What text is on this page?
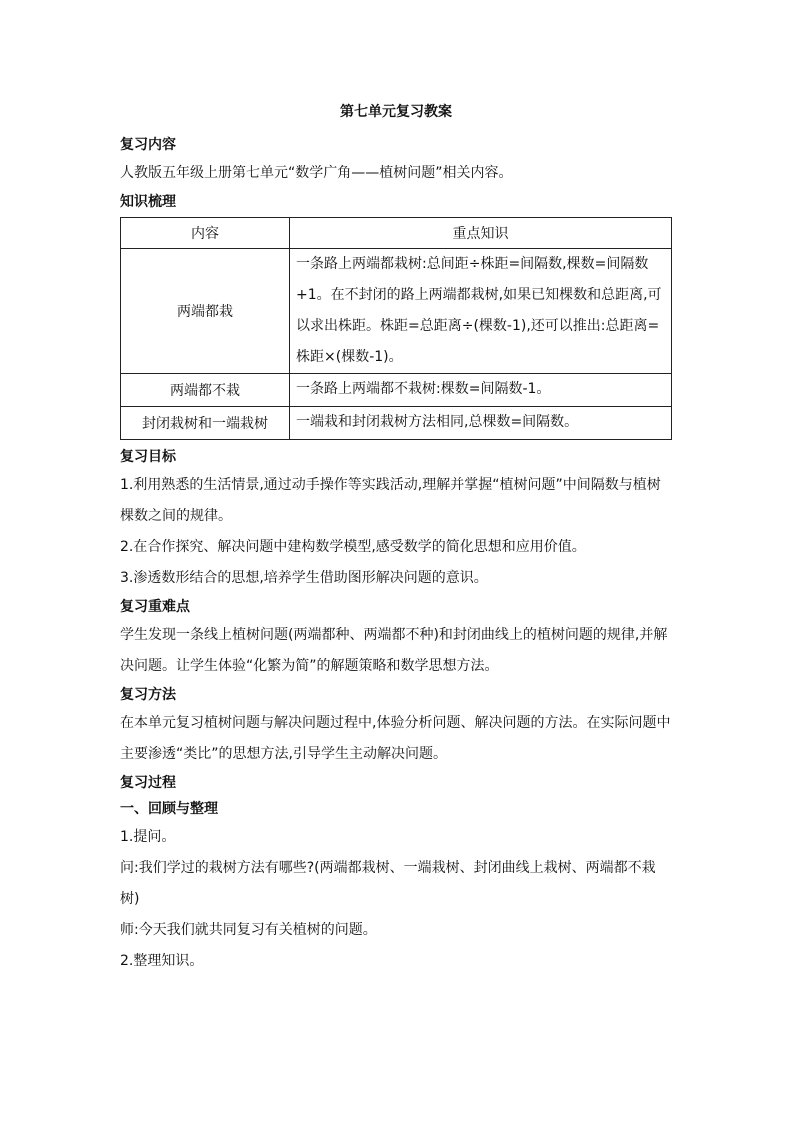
第七单元复习教案
复习内容
人教版五年级上册第七单元“数学广角——植树问题”相关内容。
知识梳理
内容	重点知识
两端都栽	一条路上两端都栽树:总间距÷株距=间隔数,棵数=间隔数+1。在不封闭的路上两端都栽树,如果已知棵数和总距离,可以求出株距。株距=总距离÷(棵数-1),还可以推出:总距离=株距×(棵数-1)。
两端都不栽	一条路上两端都不栽树:棵数=间隔数-1。
封闭栽树和一端栽树	一端栽和封闭栽树方法相同,总棵数=间隔数。
复习目标
1.利用熟悉的生活情景,通过动手操作等实践活动,理解并掌握“植树问题”中间隔数与植树棵数之间的规律。
2.在合作探究、解决问题中建构数学模型,感受数学的简化思想和应用价值。
3.渗透数形结合的思想,培养学生借助图形解决问题的意识。
复习重难点
学生发现一条线上植树问题(两端都种、两端都不种)和封闭曲线上的植树问题的规律,并解决问题。让学生体验“化繁为简”的解题策略和数学思想方法。
复习方法
在本单元复习植树问题与解决问题过程中,体验分析问题、解决问题的方法。在实际问题中主要渗透“类比”的思想方法,引导学生主动解决问题。
复习过程
一、回顾与整理
1.提问。
问:我们学过的栽树方法有哪些?(两端都栽树、一端栽树、封闭曲线上栽树、两端都不栽树)
师:今天我们就共同复习有关植树的问题。
2.整理知识。
